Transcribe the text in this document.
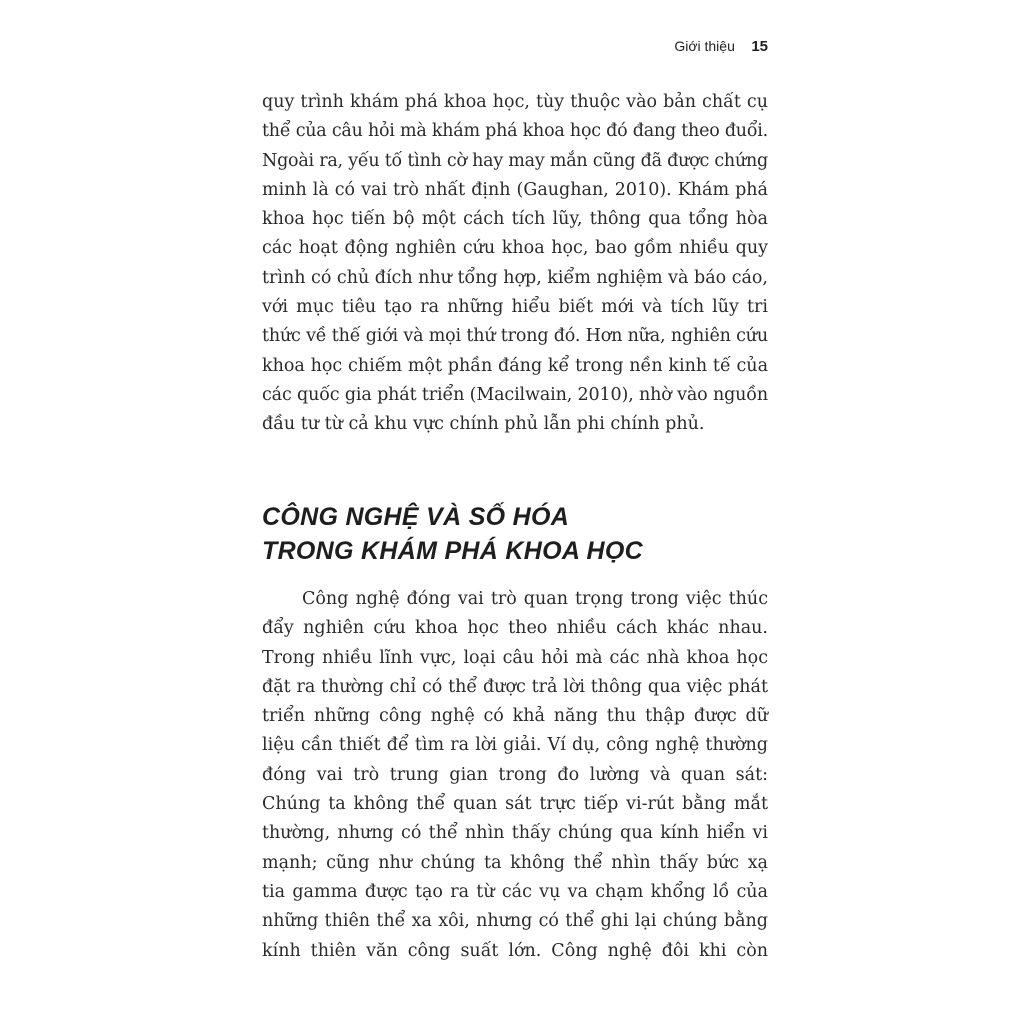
Giới thiệu 15
quy trình khám phá khoa học, tùy thuộc vào bản chất cụ
thể của câu hỏi mà khám phá khoa học đó đang theo đuổi.
Ngoài ra, yếu tố tình cờ hay may mắn cũng đã được chứng
minh là có vai trò nhất định (Gaughan, 2010). Khám phá
khoa học tiến bộ một cách tích lũy, thông qua tổng hòa
các hoạt động nghiên cứu khoa học, bao gồm nhiều quy
trình có chủ đích như tổng hợp, kiểm nghiệm và báo cáo,
với mục tiêu tạo ra những hiểu biết mới và tích lũy tri
thức về thế giới và mọi thứ trong đó. Hơn nữa, nghiên cứu
khoa học chiếm một phần đáng kể trong nền kinh tế của
các quốc gia phát triển (Macilwain, 2010), nhờ vào nguồn
đầu tư từ cả khu vực chính phủ lẫn phi chính phủ.
CÔNG NGHỆ VÀ SỐ HÓA
TRONG KHÁM PHÁ KHOA HỌC
Công nghệ đóng vai trò quan trọng trong việc thúc
đẩy nghiên cứu khoa học theo nhiều cách khác nhau.
Trong nhiều lĩnh vực, loại câu hỏi mà các nhà khoa học
đặt ra thường chỉ có thể được trả lời thông qua việc phát
triển những công nghệ có khả năng thu thập được dữ
liệu cần thiết để tìm ra lời giải. Ví dụ, công nghệ thường
đóng vai trò trung gian trong đo lường và quan sát:
Chúng ta không thể quan sát trực tiếp vi-rút bằng mắt
thường, nhưng có thể nhìn thấy chúng qua kính hiển vi
mạnh; cũng như chúng ta không thể nhìn thấy bức xạ
tia gamma được tạo ra từ các vụ va chạm khổng lồ của
những thiên thể xa xôi, nhưng có thể ghi lại chúng bằng
kính thiên văn công suất lớn. Công nghệ đôi khi còn
